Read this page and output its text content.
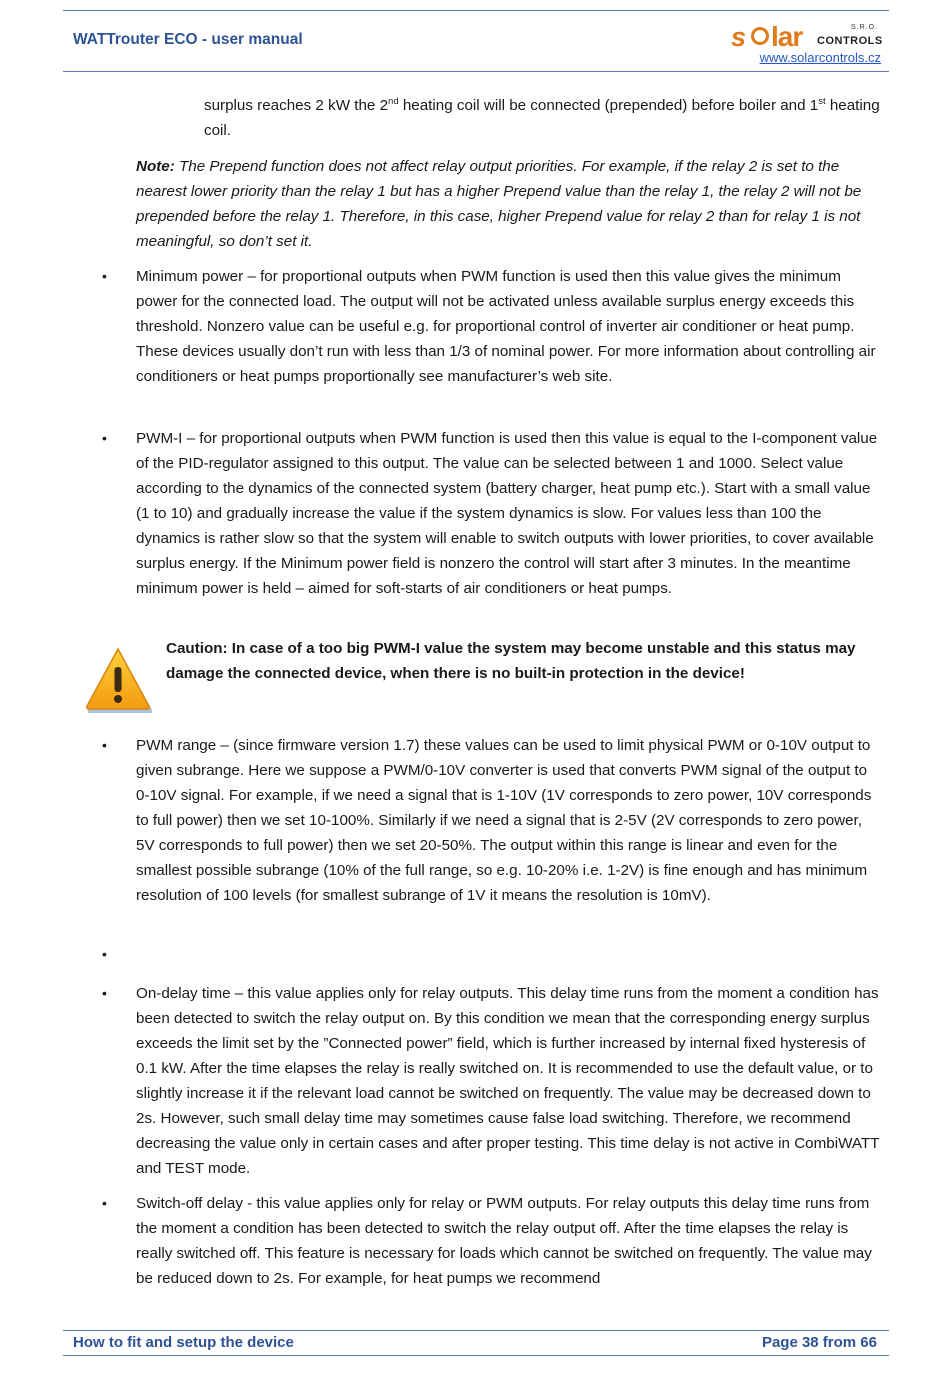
WATTrouter ECO - user manual	s lar	S.R.O.
CONTROLS
www.solarcontrols.cz

surplus reaches 2 kW the 2nd heating coil will be connected (prepended) before boiler and 1st heating coil.

Note: The Prepend function does not affect relay output priorities. For example, if the relay 2 is set to the nearest lower priority than the relay 1 but has a higher Prepend value than the relay 1, the relay 2 will not be prepended before the relay 1. Therefore, in this case, higher Prepend value for relay 2 than for relay 1 is not meaningful, so don’t set it.

• Minimum power – for proportional outputs when PWM function is used then this value gives the minimum power for the connected load. The output will not be activated unless available surplus energy exceeds this threshold. Nonzero value can be useful e.g. for proportional control of inverter air conditioner or heat pump. These devices usually don’t run with less than 1/3 of nominal power. For more information about controlling air conditioners or heat pumps proportionally see manufacturer’s web site.

• PWM-I – for proportional outputs when PWM function is used then this value is equal to the I-component value of the PID-regulator assigned to this output. The value can be selected between 1 and 1000. Select value according to the dynamics of the connected system (battery charger, heat pump etc.). Start with a small value (1 to 10) and gradually increase the value if the system dynamics is slow. For values less than 100 the dynamics is rather slow so that the system will enable to switch outputs with lower priorities, to cover available surplus energy. If the Minimum power field is nonzero the control will start after 3 minutes. In the meantime minimum power is held – aimed for soft-starts of air conditioners or heat pumps.

Caution: In case of a too big PWM-I value the system may become unstable and this status may damage the connected device, when there is no built-in protection in the device!

• PWM range – (since firmware version 1.7) these values can be used to limit physical PWM or 0-10V output to given subrange. Here we suppose a PWM/0-10V converter is used that converts PWM signal of the output to 0-10V signal. For example, if we need a signal that is 1-10V (1V corresponds to zero power, 10V corresponds to full power) then we set 10-100%. Similarly if we need a signal that is 2-5V (2V corresponds to zero power, 5V corresponds to full power) then we set 20-50%. The output within this range is linear and even for the smallest possible subrange (10% of the full range, so e.g. 10-20% i.e. 1-2V) is fine enough and has minimum resolution of 100 levels (for smallest subrange of 1V it means the resolution is 10mV).

•
• On-delay time – this value applies only for relay outputs. This delay time runs from the moment a condition has been detected to switch the relay output on. By this condition we mean that the corresponding energy surplus exceeds the limit set by the ”Connected power” field, which is further increased by internal fixed hysteresis of 0.1 kW. After the time elapses the relay is really switched on. It is recommended to use the default value, or to slightly increase it if the relevant load cannot be switched on frequently. The value may be decreased down to 2s. However, such small delay time may sometimes cause false load switching. Therefore, we recommend decreasing the value only in certain cases and after proper testing. This time delay is not active in CombiWATT and TEST mode.

• Switch-off delay - this value applies only for relay or PWM outputs. For relay outputs this delay time runs from the moment a condition has been detected to switch the relay output off. After the time elapses the relay is really switched off. This feature is necessary for loads which cannot be switched on frequently. The value may be reduced down to 2s. For example, for heat pumps we recommend

How to fit and setup the device	Page 38 from 66
